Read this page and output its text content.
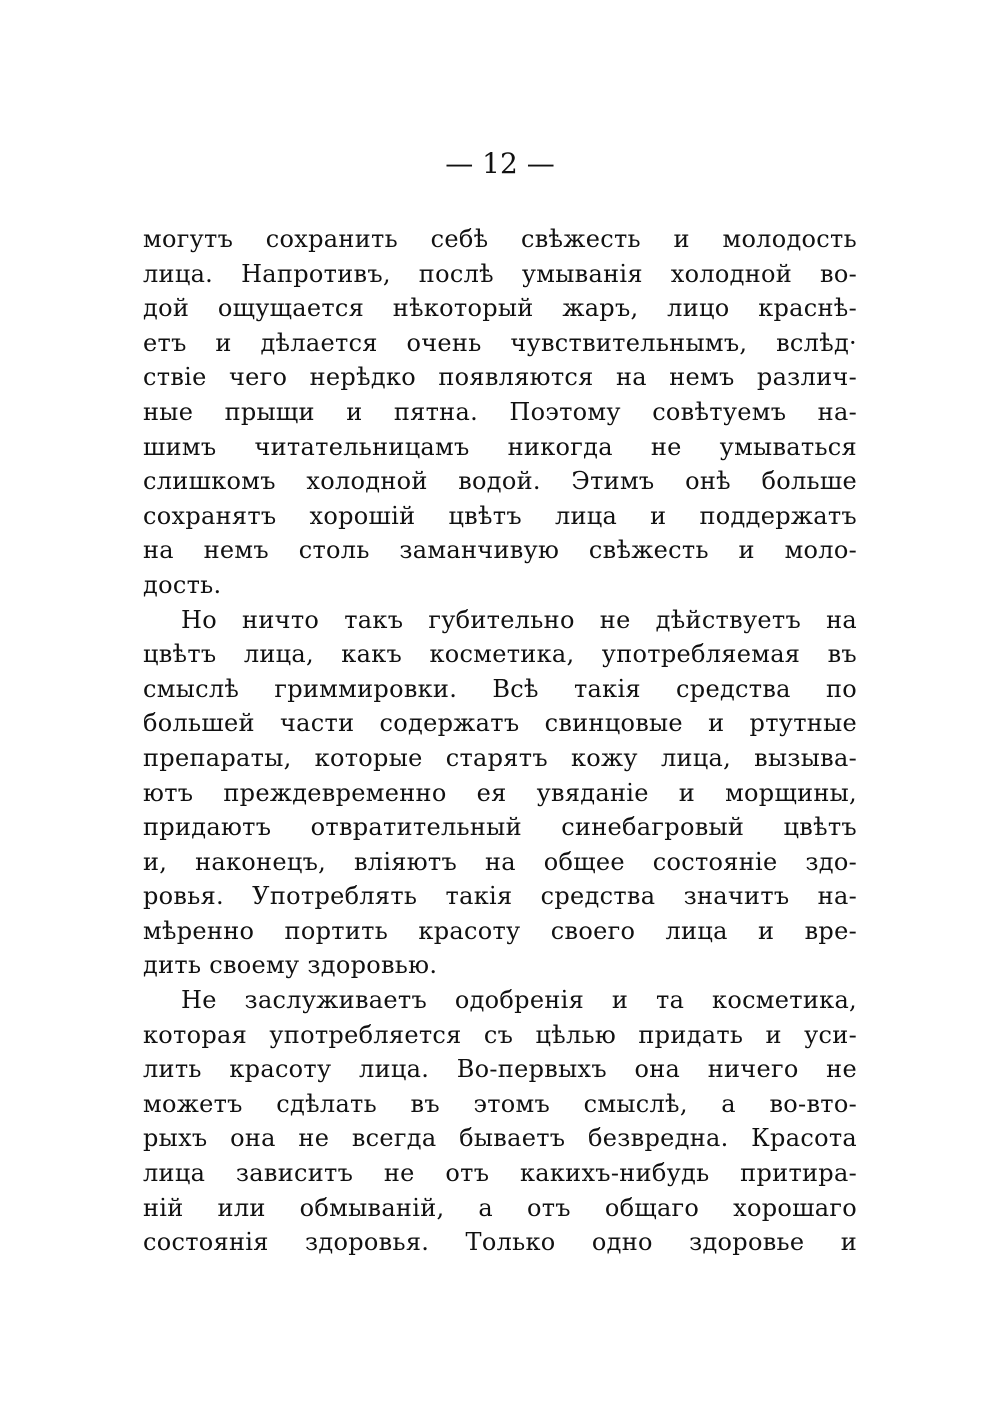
— 12 —
могутъ сохранить себѣ свѣжесть и молодость
лица. Напротивъ, послѣ умыванія холодной во-
дой ощущается нѣкоторый жаръ, лицо краснѣ-
етъ и дѣлается очень чувствительнымъ, вслѣд·
ствіе чего нерѣдко появляются на немъ различ-
ные прыщи и пятна. Поэтому совѣтуемъ на-
шимъ читательницамъ никогда не умываться
слишкомъ холодной водой. Этимъ онѣ больше
сохранятъ хорошій цвѣтъ лица и поддержатъ
на немъ столь заманчивую свѣжесть и моло-
дость.
Но ничто такъ губительно не дѣйствуетъ на
цвѣтъ лица, какъ косметика, употребляемая въ
смыслѣ гриммировки. Всѣ такія средства по
большей части содержатъ свинцовые и ртутные
препараты, которые старятъ кожу лица, вызыва-
ютъ преждевременно ея увяданіе и морщины,
придаютъ отвратительный синебагровый цвѣтъ
и, наконецъ, вліяютъ на общее состояніе здо-
ровья. Употреблять такія средства значитъ на-
мѣренно портить красоту своего лица и вре-
дить своему здоровью.
Не заслуживаетъ одобренія и та косметика,
которая употребляется съ цѣлью придать и уси-
лить красоту лица. Во-первыхъ она ничего не
можетъ сдѣлать въ этомъ смыслѣ, а во-вто-
рыхъ она не всегда бываетъ безвредна. Красота
лица зависитъ не отъ какихъ-нибудь притира-
ній или обмываній, а отъ общаго хорошаго
состоянія здоровья. Только одно здоровье и
